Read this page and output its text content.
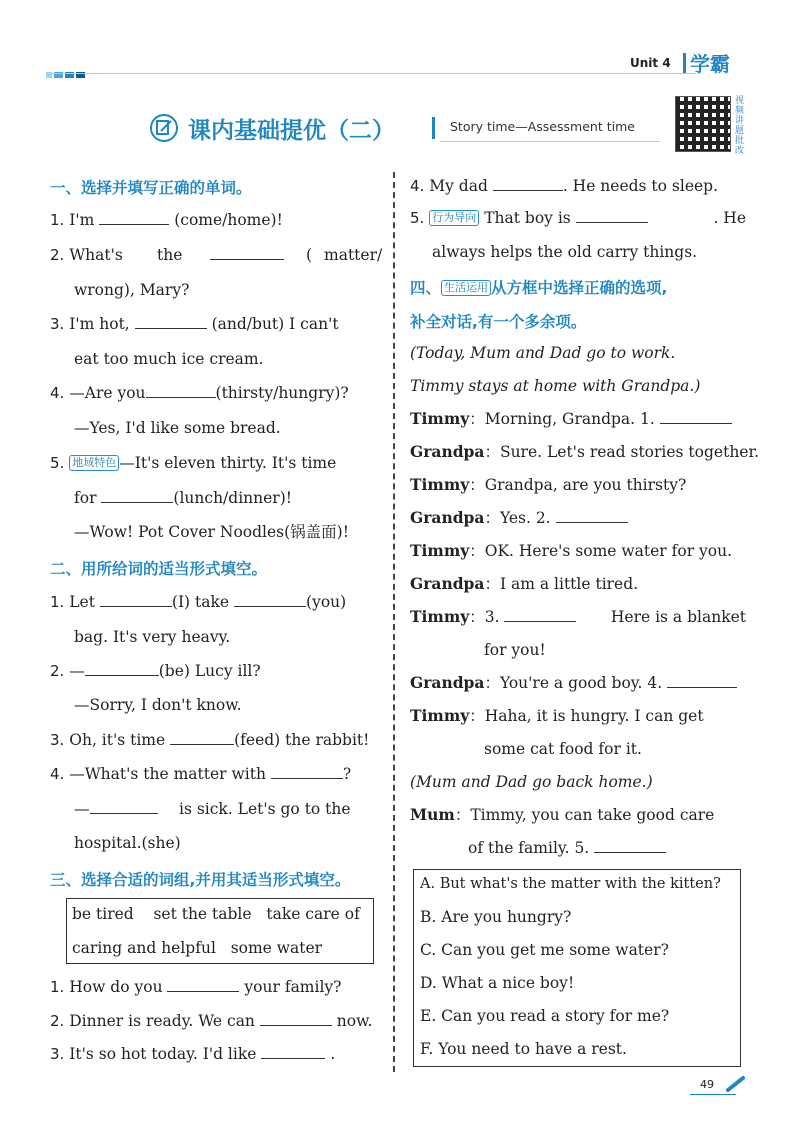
Unit 4 学霸
课内基础提优（二）	Story time—Assessment time
视频讲题批改
一、选择并填写正确的单词。
1. I'm	(come/home)!
2. What's the	( matter/
wrong), Mary?
3. I'm hot,	(and/but) I can't
eat too much ice cream.
4. —Are you	(thirsty/hungry)?
—Yes, I'd like some bread.
5. 地域特色 —It's eleven thirty. It's time
for	(lunch/dinner)!
—Wow! Pot Cover Noodles(锅盖面)!
二、用所给词的适当形式填空。
1. Let	(I) take	(you)
bag. It's very heavy.
2. —	(be) Lucy ill?
—Sorry, I don't know.
3. Oh, it's time	(feed) the rabbit!
4. —What's the matter with	?
—	is sick. Let's go to the
hospital.(she)
三、选择合适的词组,并用其适当形式填空。
be tired set the table take care of
caring and helpful some water
1. How do you	your family?
2. Dinner is ready. We can	now.
3. It's so hot today. I'd like	.
4. My dad	. He needs to sleep.
5. 行为导向 That boy is	. He
always helps the old carry things.
四、 生活运用 从方框中选择正确的选项,
补全对话,有一个多余项。
(Today, Mum and Dad go to work.
Timmy stays at home with Grandpa.)
Timmy：Morning, Grandpa. 1.
Grandpa：Sure. Let's read stories together.
Timmy：Grandpa, are you thirsty?
Grandpa：Yes. 2.
Timmy：OK. Here's some water for you.
Grandpa：I am a little tired.
Timmy：3.	Here is a blanket
for you!
Grandpa：You're a good boy. 4.
Timmy：Haha, it is hungry. I can get
some cat food for it.
(Mum and Dad go back home.)
Mum：Timmy, you can take good care
of the family. 5.
A. But what's the matter with the kitten?
B. Are you hungry?
C. Can you get me some water?
D. What a nice boy!
E. Can you read a story for me?
F. You need to have a rest.
49
